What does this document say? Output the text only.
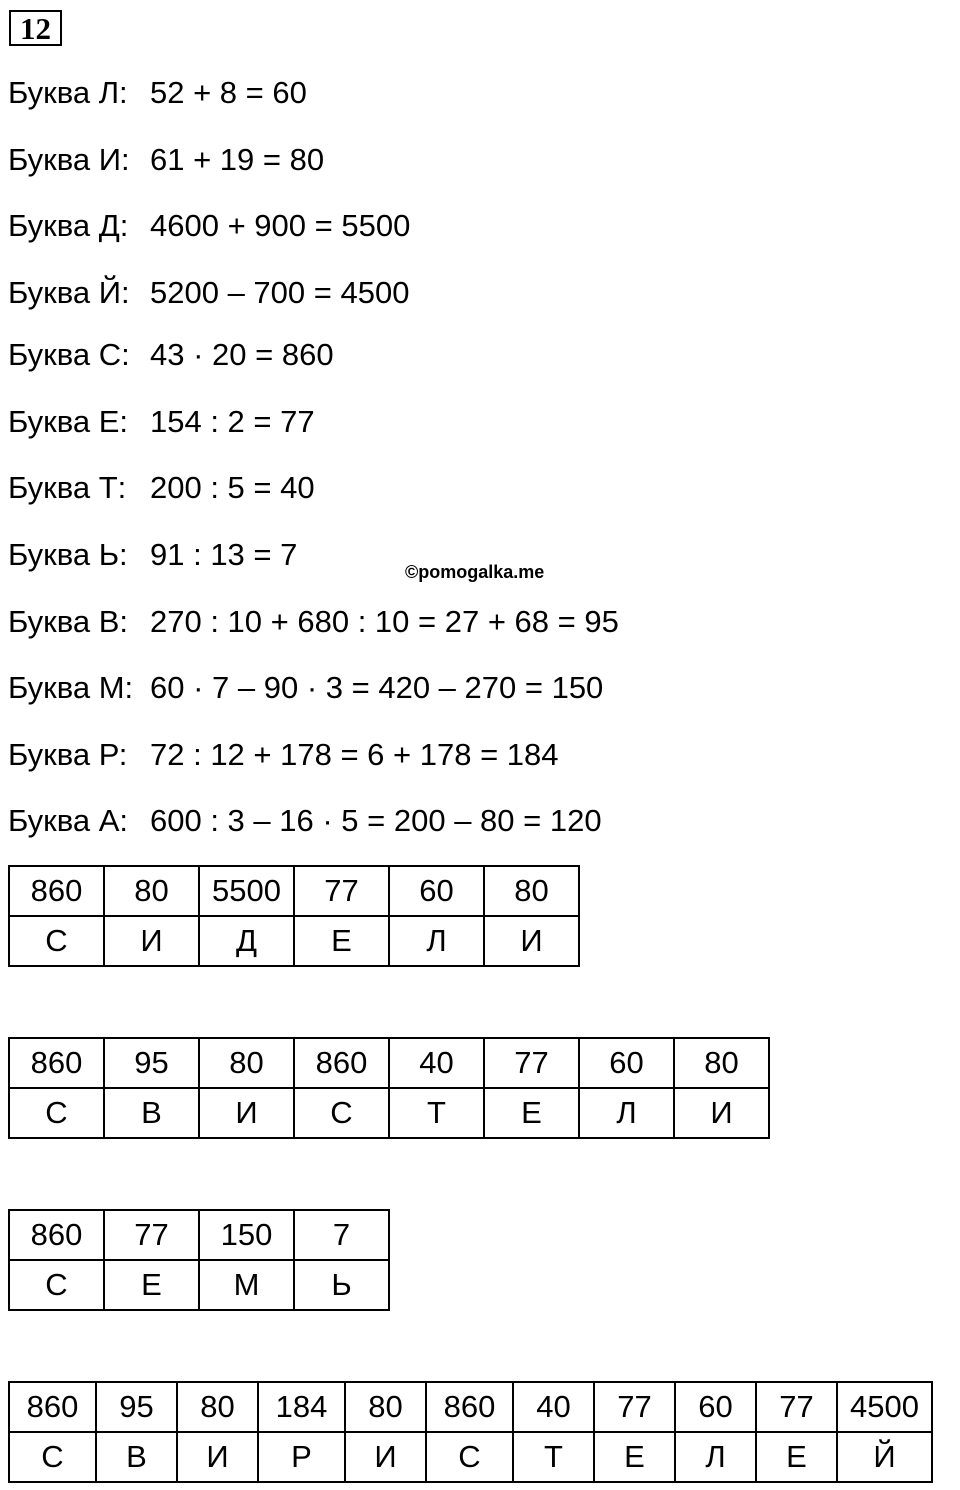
12
Буква Л: 52 + 8 = 60
Буква И: 61 + 19 = 80
Буква Д: 4600 + 900 = 5500
Буква Й: 5200 – 700 = 4500
Буква С: 43 · 20 = 860
Буква Е: 154 : 2 = 77
Буква Т: 200 : 5 = 40
Буква Ь: 91 : 13 = 7	©pomogalka.me
Буква В: 270 : 10 + 680 : 10 = 27 + 68 = 95
Буква М: 60 · 7 – 90 · 3 = 420 – 270 = 150
Буква Р: 72 : 12 + 178 = 6 + 178 = 184
Буква А: 600 : 3 – 16 · 5 = 200 – 80 = 120
860	80	5500	77	60	80
С	И	Д	Е	Л	И
860	95	80	860	40	77	60	80
С	В	И	С	Т	Е	Л	И
860	77	150	7
С	Е	М	Ь
860	95	80	184	80	860	40	77	60	77	4500
С	В	И	Р	И	С	Т	Е	Л	Е	Й
